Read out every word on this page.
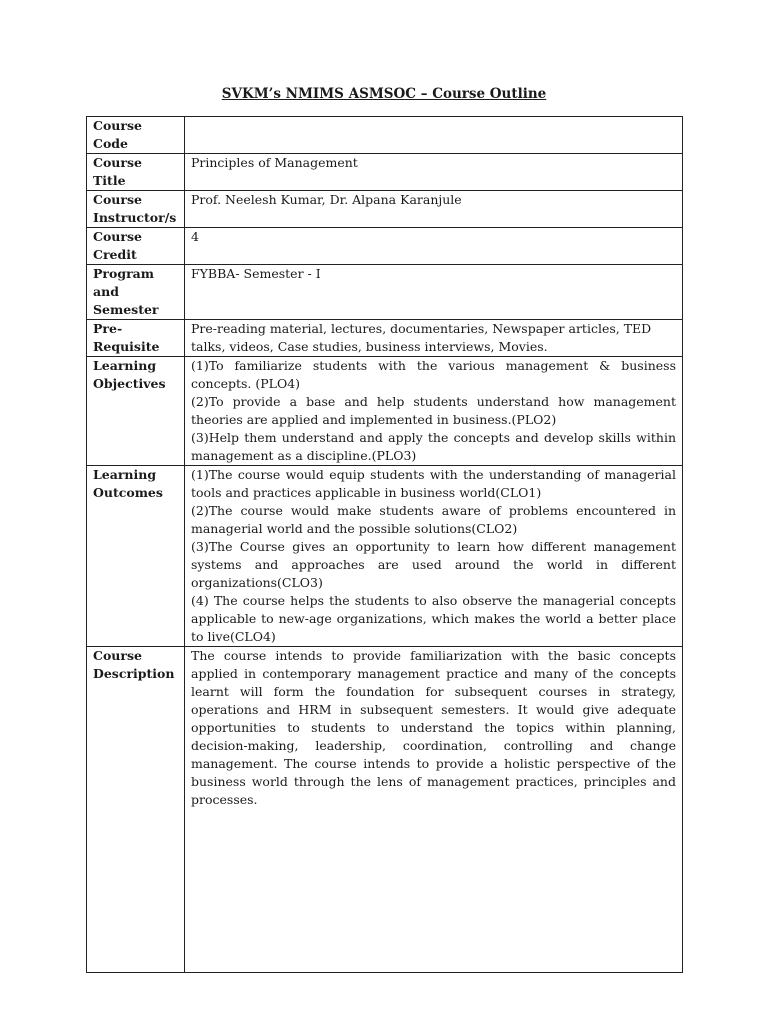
SVKM’s NMIMS ASMSOC – Course Outline
Course Code	
Course Title	Principles of Management
Course Instructor/s	Prof. Neelesh Kumar, Dr. Alpana Karanjule
Course Credit	4
Program and Semester	FYBBA- Semester - I
Pre-Requisite	Pre-reading material, lectures, documentaries, Newspaper articles, TED talks, videos, Case studies, business interviews, Movies.
Learning Objectives	(1)To familiarize students with the various management & business concepts. (PLO4)
(2)To provide a base and help students understand how management theories are applied and implemented in business.(PLO2)
(3)Help them understand and apply the concepts and develop skills within management as a discipline.(PLO3)

Learning Outcomes	(1)The course would equip students with the understanding of managerial tools and practices applicable in business world(CLO1)
(2)The course would make students aware of problems encountered in managerial world and the possible solutions(CLO2)
(3)The Course gives an opportunity to learn how different management systems and approaches are used around the world in different organizations(CLO3)
(4) The course helps the students to also observe the managerial concepts applicable to new-age organizations, which makes the world a better place to live(CLO4)

Course Description	The course intends to provide familiarization with the basic concepts applied in contemporary management practice and many of the concepts learnt will form the foundation for subsequent courses in strategy, operations and HRM in subsequent semesters. It would give adequate opportunities to students to understand the topics within planning, decision-making, leadership, coordination, controlling and change management. The course intends to provide a holistic perspective of the business world through the lens of management practices, principles and processes.
